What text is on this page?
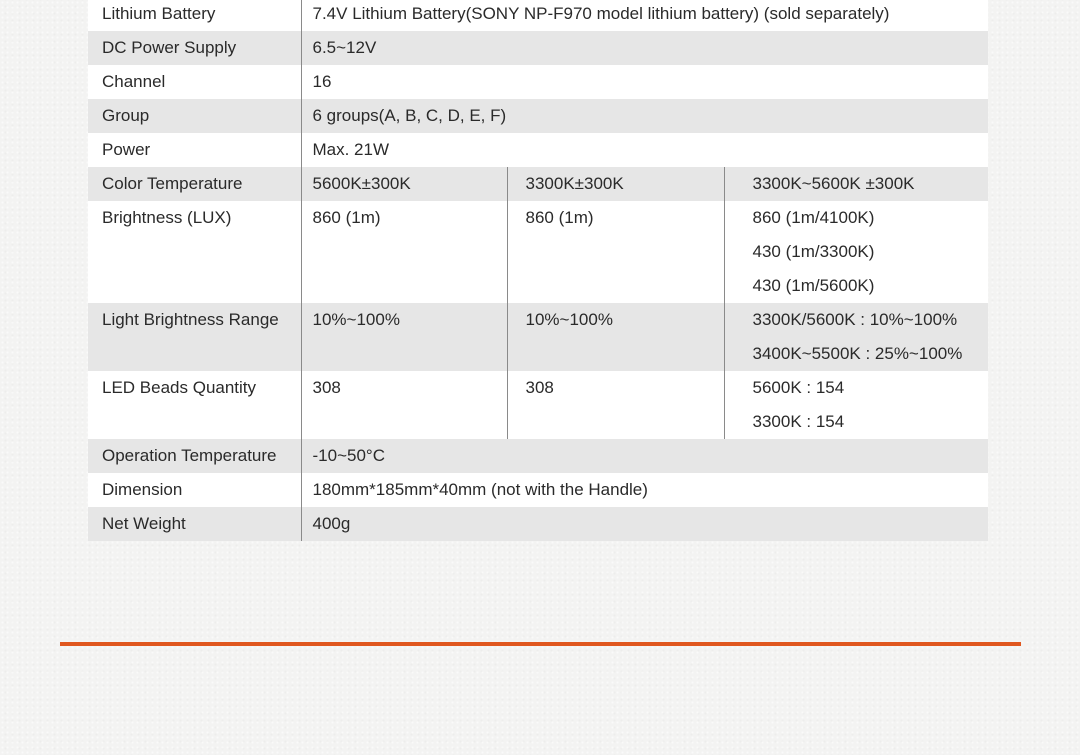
Lithium Battery	7.4V Lithium Battery(SONY NP-F970 model lithium battery) (sold separately)		
DC Power Supply	6.5~12V		
Channel	16		
Group	6 groups(A, B, C, D, E, F)		
Power	Max. 21W		
Color Temperature	5600K±300K	3300K±300K	3300K~5600K ±300K
Brightness (LUX)	860 (1m)	860 (1m)	860 (1m/4100K)
430 (1m/3300K)
430 (1m/5600K)

Light Brightness Range	10%~100%	10%~100%	3300K/5600K : 10%~100%
3400K~5500K : 25%~100%

LED Beads Quantity	308	308	5600K : 154
3300K : 154

Operation Temperature	-10~50°C		
Dimension	180mm*185mm*40mm (not with the Handle)		
Net Weight	400g		
